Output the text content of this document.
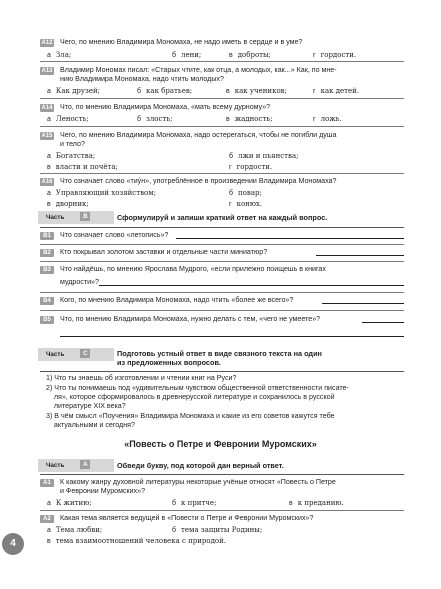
A12 Чего, по мнению Владимира Мономаха, не надо иметь в сердце и в уме?
а Зла;	б лени;	в доброты;	г гордости.
A13 Владимир Мономах писал: «Старых чтите, как отца, а молодых, как...» Как, по мне-
нию Владимира Мономаха, надо чтить молодых?
а Как друзей;	б как братьев;	в как учеников;	г как детей.
A14 Что, по мнению Владимира Мономаха, «мать всему дурному»?
а Леность;	б злость;	в жадность;	г ложь.
A15 Чего, по мнению Владимира Мономаха, надо остерегаться, чтобы не погибли душа
и тело?
а Богатства;	б лжи и пьянства;
в власти и почёта;	г гордости.
A16 Что означает слово «тиýн», употреблённое в произведении Владимира Мономаха?
а Управляющий хозяйством;	б повар;
в дворник;	г конюх.
Часть	B	Сформулируй и запиши краткий ответ на каждый вопрос.
B1	Что означает слово «летопись»?
B2	Кто покрывал золотом заставки и отдельные части миниатюр?
B3	Что найдёшь, по мнению Ярослава Мудрого, «если прилежно поищешь в книгах
мудрости»?
B4	Кого, по мнению Владимира Мономаха, надо чтить «более же всего»?
B5	Что, по мнению Владимира Мономаха, нужно делать с тем, «чего не умеете»?
Часть	C	Подготовь устный ответ в виде связного текста на один
из предложенных вопросов.
1) Что ты знаешь об изготовлении и чтении книг на Руси?
2) Что ты понимаешь под «удивительным чувством общественной ответственности писате-
ля», которое сформировалось в древнерусской литературе и сохранилось в русской
литературе XIX века?
3) В чём смысл «Поучения» Владимира Мономаха и какие из его советов кажутся тебе
актуальными и сегодня?
«Повесть о Петре и Февронии Муромских»
Часть	A	Обведи букву, под которой дан верный ответ.
A1	К какому жанру духовной литературы некоторые учёные относят «Повесть о Петре
и Февронии Муромских»?
а К житию;	б к притче;	в к преданию.
A2	Какая тема является ведущей в «Повести о Петре и Февронии Муромских»?
а Тема любви;	б тема защиты Родины;
в тема взаимоотношений человека с природой.
4
